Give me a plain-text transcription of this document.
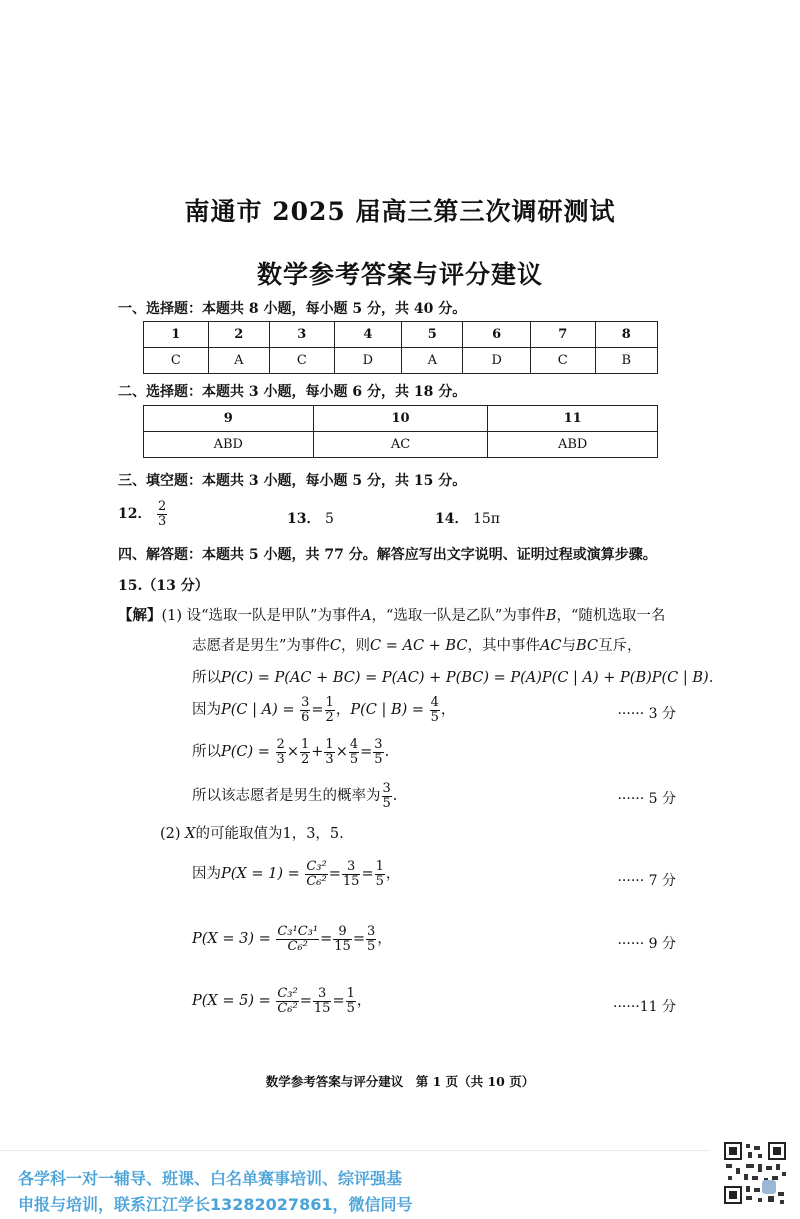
南通市 2025 届高三第三次调研测试
数学参考答案与评分建议
一、选择题：本题共 8 小题，每小题 5 分，共 40 分。
1	2	3	4	5	6	7	8
C	A	C	D	A	D	C	B
二、选择题：本题共 3 小题，每小题 6 分，共 18 分。
9	10	11
ABD	AC	ABD
三、填空题：本题共 3 小题，每小题 5 分，共 15 分。
12． $\frac{2}{3}$	13． 5	14． 15π
四、解答题：本题共 5 小题，共 77 分。解答应写出文字说明、证明过程或演算步骤。
15.（13 分）
【解】(1) 设“选取一队是甲队”为事件A，“选取一队是乙队”为事件B，“随机选取一名
志愿者是男生”为事件C，则C = AC + BC，其中事件AC与BC互斥，
所以P(C) = P(AC + BC) = P(AC) + P(BC) = P(A)P(C | A) + P(B)P(C | B).
因为P(C | $A) = \frac{3}{6} = \frac{1}{2}$ ，P(C | $B) = \frac{4}{5}$ ，	······ 3 分
所以$P(C) = \frac{2}{3} \times \frac{1}{2} + \frac{1}{3} \times \frac{4}{5} = \frac{3}{5}$ .
所以该志愿者是男生的概率为 $\frac{3}{5}$ .	······ 5 分
(2) X的可能取值为1，3，5.
因为$P(X = 1) = \frac{\text{C₃²}}{\text{C₆²}} = \frac{3}{15} = \frac{1}{5}$ ，	······ 7 分
$P(X = 3) = \frac{\text{C₃¹C₃¹}}{\text{C₆²}} = \frac{9}{15} = \frac{3}{5}$ ，	······ 9 分
$P(X = 5) = \frac{\text{C₃²}}{\text{C₆²}} = \frac{3}{15} = \frac{1}{5}$ ，	······11 分
数学参考答案与评分建议　第 1 页（共 10 页）
各学科一对一辅导、班课、白名单赛事培训、综评强基
申报与培训，联系江江学长13282027861，微信同号
